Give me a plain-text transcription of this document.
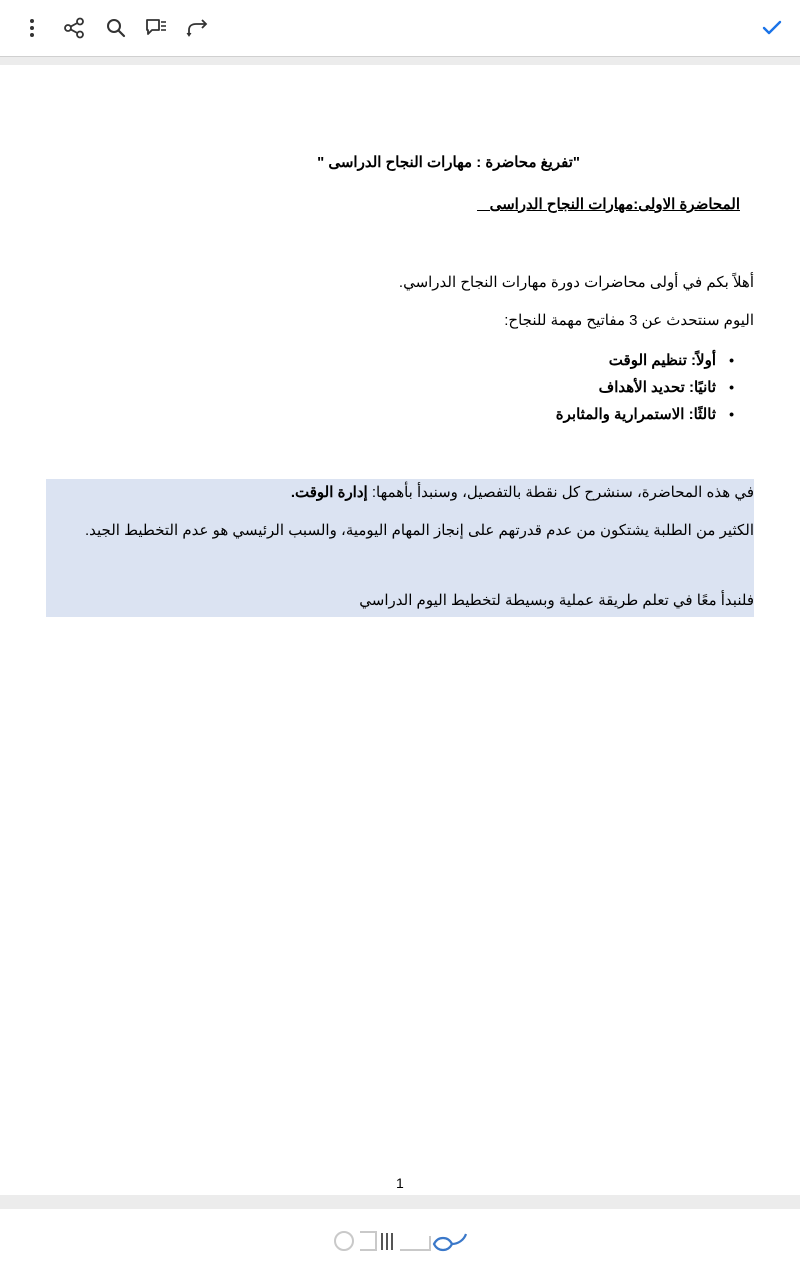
"تفريغ محاضرة : مهارات النجاح الدراسى "
المحاضرة الاولى:مهارات النجاح الدراسى _
أهلاً بكم في أولى محاضرات دورة مهارات النجاح الدراسي.
اليوم سنتحدث عن 3 مفاتيح مهمة للنجاح:
• أولاً: تنظيم الوقت
• ثانيًا: تحديد الأهداف
• ثالثًا: الاستمرارية والمثابرة
في هذه المحاضرة، سنشرح كل نقطة بالتفصيل، وسنبدأ بأهمها: إدارة الوقت.
الكثير من الطلبة يشتكون من عدم قدرتهم على إنجاز المهام اليومية، والسبب الرئيسي هو عدم التخطيط الجيد.
فلنبدأ معًا في تعلم طريقة عملية وبسيطة لتخطيط اليوم الدراسي
1
